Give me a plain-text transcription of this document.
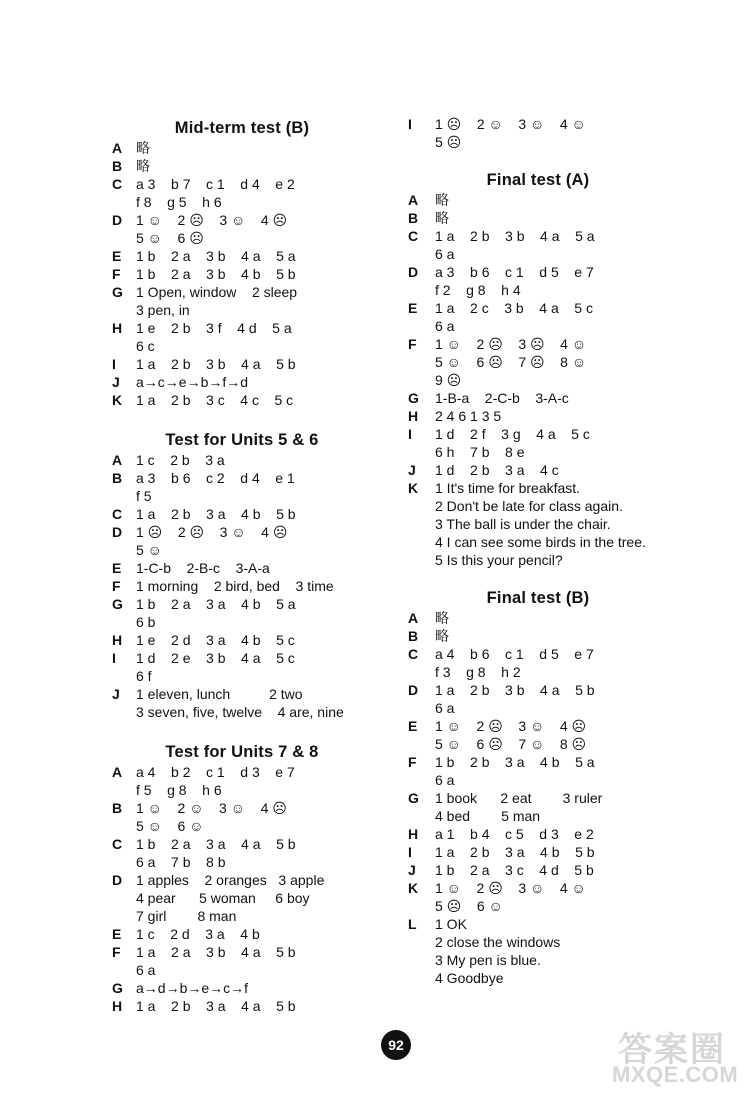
Mid-term test (B)
A 略
B 略
C a 3    b 7    c 1    d 4    e 2
f 8    g 5    h 6
D 1 ☺    2 ☹    3 ☺    4 ☹
5 ☺    6 ☹
E	1 b    2 a    3 b    4 a    5 a
F	1 b    2 a    3 b    4 b    5 b
G 1 Open, window    2 sleep
3 pen, in
H 1 e    2 b    3 f    4 d    5 a
6 c
I	1 a    2 b    3 b    4 a    5 b
J	a→c→e→b→f→d
K 1 a    2 b    3 c    4 c    5 c
Test for Units 5 & 6
A 1 c    2 b    3 a
B a 3    b 6    c 2    d 4    e 1
f 5
C 1 a    2 b    3 a    4 b    5 b
D 1 ☹    2 ☹    3 ☺    4 ☹
5 ☺
E	1-C-b    2-B-c    3-A-a
F	1 morning    2 bird, bed    3 time
G 1 b    2 a    3 a    4 b    5 a
6 b
H 1 e    2 d    3 a    4 b    5 c
I	1 d    2 e    3 b    4 a    5 c
6 f
J	1 eleven, lunch          2 two
3 seven, five, twelve    4 are, nine
Test for Units 7 & 8
A a 4    b 2    c 1    d 3    e 7
f 5    g 8    h 6
B 1 ☺    2 ☺    3 ☺    4 ☹
5 ☺    6 ☺
C 1 b    2 a    3 a    4 a    5 b
6 a    7 b    8 b
D 1 apples    2 oranges   3 apple
4 pear      5 woman     6 boy
7 girl        8 man
E	1 c    2 d    3 a    4 b
F	1 a    2 a    3 b    4 a    5 b
6 a
G a→d→b→e→c→f
H 1 a    2 b    3 a    4 a    5 b
I	1 ☹    2 ☺    3 ☺    4 ☺
5 ☹
Final test (A)
A	略
B	略
C	1 a    2 b    3 b    4 a    5 a
6 a
D	a 3    b 6    c 1    d 5    e 7
f 2    g 8    h 4
E	1 a    2 c    3 b    4 a    5 c
6 a
F	1 ☺    2 ☹    3 ☹    4 ☺
5 ☺    6 ☹    7 ☹    8 ☺
9 ☹
G	1-B-a    2-C-b    3-A-c
H	2 4 6 1 3 5
I	1 d    2 f    3 g    4 a    5 c
6 h    7 b    8 e
J	1 d    2 b    3 a    4 c
K	1 It's time for breakfast.
2 Don't be late for class again.
3 The ball is under the chair.
4 I can see some birds in the tree.
5 Is this your pencil?
Final test (B)
A	略
B	略
C	a 4    b 6    c 1    d 5    e 7
f 3    g 8    h 2
D	1 a    2 b    3 b    4 a    5 b
6 a
E	1 ☺    2 ☹    3 ☺    4 ☹
5 ☺    6 ☹    7 ☺    8 ☹
F	1 b    2 b    3 a    4 b    5 a
6 a
G	1 book      2 eat        3 ruler
4 bed        5 man
H	a 1    b 4    c 5    d 3    e 2
I	1 a    2 b    3 a    4 b    5 b
J	1 b    2 a    3 c    4 d    5 b
K	1 ☺    2 ☹    3 ☺    4 ☺
5 ☹    6 ☺
L	1 OK
2 close the windows
3 My pen is blue.
4 Goodbye
92	答案圈
MXQE.COM
